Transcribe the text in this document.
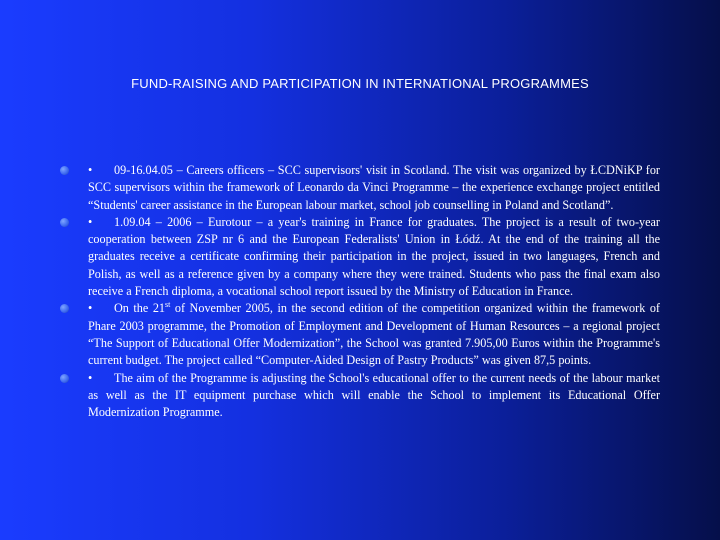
FUND-RAISING AND PARTICIPATION IN INTERNATIONAL PROGRAMMES
• 09-16.04.05 – Careers officers – SCC supervisors' visit in Scotland. The visit was organized by ŁCDNiKP for SCC supervisors within the framework of Leonardo da Vinci Programme – the experience exchange project entitled “Students' career assistance in the European labour market, school job counselling in Poland and Scotland”.
• 1.09.04 – 2006 – Eurotour – a year's training in France for graduates. The project is a result of two-year cooperation between ZSP nr 6 and the European Federalists' Union in Łódź. At the end of the training all the graduates receive a certificate confirming their participation in the project, issued in two languages, French and Polish, as well as a reference given by a company where they were trained. Students who pass the final exam also receive a French diploma, a vocational school report issued by the Ministry of Education in France.
• On the 21st of November 2005, in the second edition of the competition organized within the framework of Phare 2003 programme, the Promotion of Employment and Development of Human Resources – a regional project “The Support of Educational Offer Modernization”, the School was granted 7.905,00 Euros within the Programme's current budget. The project called “Computer-Aided Design of Pastry Products” was given 87,5 points.
• The aim of the Programme is adjusting the School's educational offer to the current needs of the labour market as well as the IT equipment purchase which will enable the School to implement its Educational Offer Modernization Programme.
